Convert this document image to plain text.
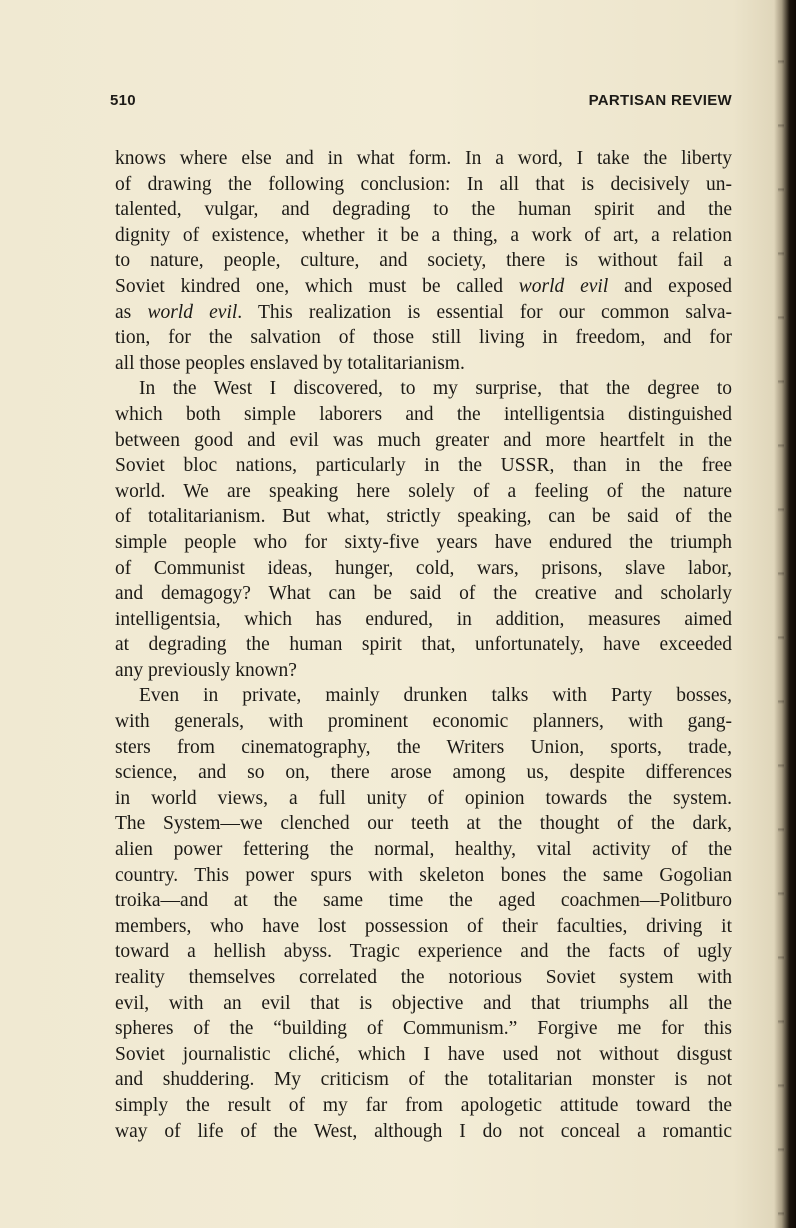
510	PARTISAN REVIEW
knows where else and in what form. In a word, I take the liberty
of drawing the following conclusion: In all that is decisively un-
talented, vulgar, and degrading to the human spirit and the
dignity of existence, whether it be a thing, a work of art, a relation
to nature, people, culture, and society, there is without fail a
Soviet kindred one, which must be called world evil and exposed
as world evil. This realization is essential for our common salva-
tion, for the salvation of those still living in freedom, and for
all those peoples enslaved by totalitarianism.
In the West I discovered, to my surprise, that the degree to
which both simple laborers and the intelligentsia distinguished
between good and evil was much greater and more heartfelt in the
Soviet bloc nations, particularly in the USSR, than in the free
world. We are speaking here solely of a feeling of the nature
of totalitarianism. But what, strictly speaking, can be said of the
simple people who for sixty-five years have endured the triumph
of Communist ideas, hunger, cold, wars, prisons, slave labor,
and demagogy? What can be said of the creative and scholarly
intelligentsia, which has endured, in addition, measures aimed
at degrading the human spirit that, unfortunately, have exceeded
any previously known?
Even in private, mainly drunken talks with Party bosses,
with generals, with prominent economic planners, with gang-
sters from cinematography, the Writers Union, sports, trade,
science, and so on, there arose among us, despite differences
in world views, a full unity of opinion towards the system.
The System—we clenched our teeth at the thought of the dark,
alien power fettering the normal, healthy, vital activity of the
country. This power spurs with skeleton bones the same Gogolian
troika—and at the same time the aged coachmen—Politburo
members, who have lost possession of their faculties, driving it
toward a hellish abyss. Tragic experience and the facts of ugly
reality themselves correlated the notorious Soviet system with
evil, with an evil that is objective and that triumphs all the
spheres of the “building of Communism.” Forgive me for this
Soviet journalistic cliché, which I have used not without disgust
and shuddering. My criticism of the totalitarian monster is not
simply the result of my far from apologetic attitude toward the
way of life of the West, although I do not conceal a romantic
